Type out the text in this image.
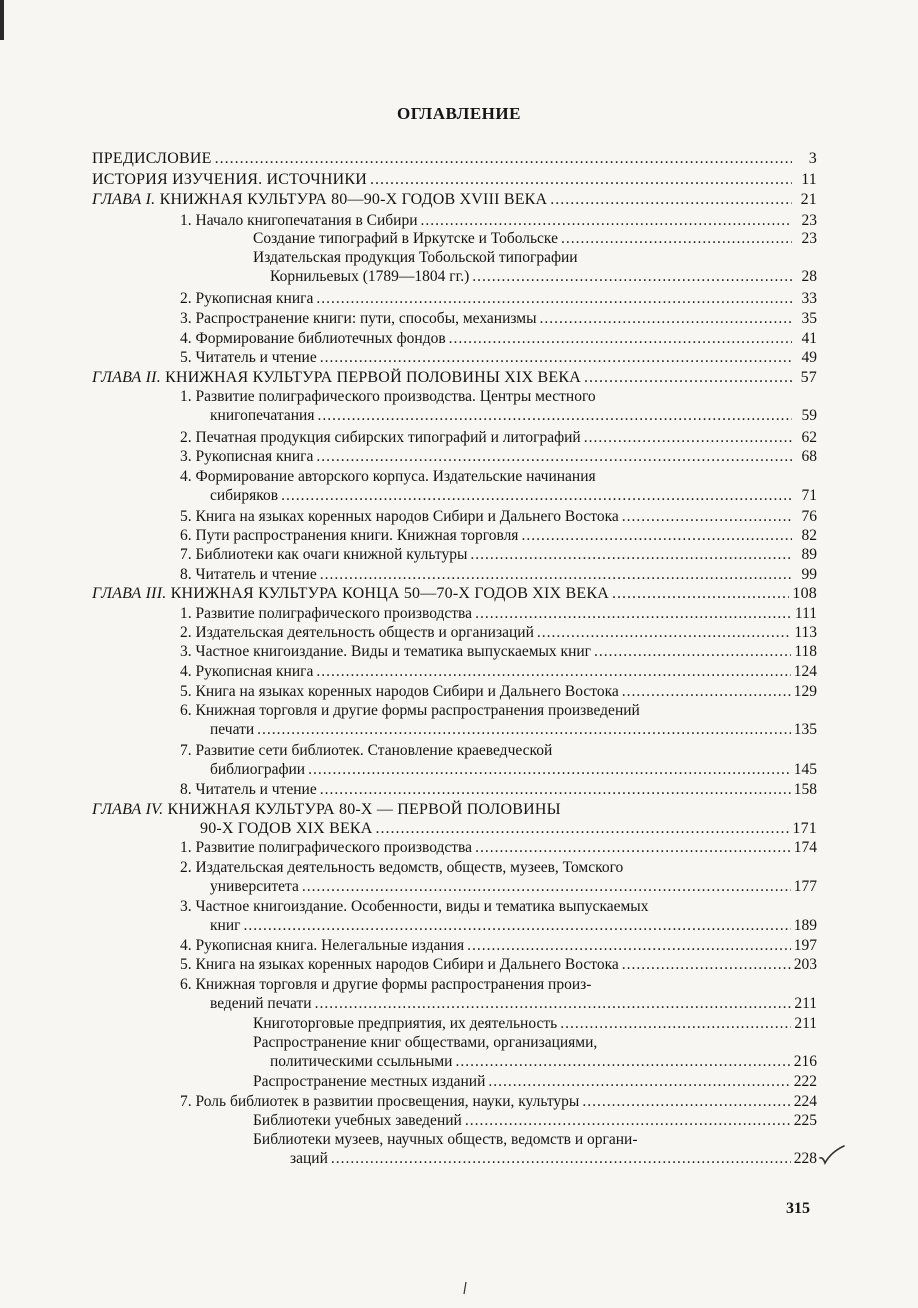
ОГЛАВЛЕНИЕ
315
ПРЕДИСЛОВИЕ .....	3
ИСТОРИЯ ИЗУЧЕНИЯ. ИСТОЧНИКИ .....	11
ГЛАВА I. КНИЖНАЯ КУЛЬТУРА 80—90-Х ГОДОВ XVIII ВЕКА .....	21
1. Начало книгопечатания в Сибири .....	23
Создание типографий в Иркутске и Тобольске .....	23
Издательская продукция Тобольской типографии
Корнильевых (1789—1804 гг.) .....	28
2. Рукописная книга .....	33
3. Распространение книги: пути, способы, механизмы .....	35
4. Формирование библиотечных фондов .....	41
5. Читатель и чтение .....	49
ГЛАВА II. КНИЖНАЯ КУЛЬТУРА ПЕРВОЙ ПОЛОВИНЫ XIX ВЕКА .....	57
1. Развитие полиграфического производства. Центры местного
книгопечатания .....	59
2. Печатная продукция сибирских типографий и литографий .....	62
3. Рукописная книга .....	68
4. Формирование авторского корпуса. Издательские начинания
сибиряков .....	71
5. Книга на языках коренных народов Сибири и Дальнего Востока .....	76
6. Пути распространения книги. Книжная торговля .....	82
7. Библиотеки как очаги книжной культуры .....	89
8. Читатель и чтение .....	99
ГЛАВА III. КНИЖНАЯ КУЛЬТУРА КОНЦА 50—70-Х ГОДОВ XIX ВЕКА .....	108
1. Развитие полиграфического производства .....	111
2. Издательская деятельность обществ и организаций .....	113
3. Частное книгоиздание. Виды и тематика выпускаемых книг .....	118
4. Рукописная книга .....	124
5. Книга на языках коренных народов Сибири и Дальнего Востока .....	129
6. Книжная торговля и другие формы распространения произведений
печати .....	135
7. Развитие сети библиотек. Становление краеведческой
библиографии .....	145
8. Читатель и чтение .....	158
ГЛАВА IV. КНИЖНАЯ КУЛЬТУРА 80-Х — ПЕРВОЙ ПОЛОВИНЫ
90-Х ГОДОВ XIX ВЕКА .....	171
1. Развитие полиграфического производства .....	174
2. Издательская деятельность ведомств, обществ, музеев, Томского
университета .....	177
3. Частное книгоиздание. Особенности, виды и тематика выпускаемых
книг .....	189
4. Рукописная книга. Нелегальные издания .....	197
5. Книга на языках коренных народов Сибири и Дальнего Востока .....	203
6. Книжная торговля и другие формы распространения произ-
ведений печати .....	211
Книготорговые предприятия, их деятельность .....	211
Распространение книг обществами, организациями,
политическими ссыльными .....	216
Распространение местных изданий .....	222
7. Роль библиотек в развитии просвещения, науки, культуры .....	224
Библиотеки учебных заведений .....	225
Библиотеки музеев, научных обществ, ведомств и органи-
заций .....	228
